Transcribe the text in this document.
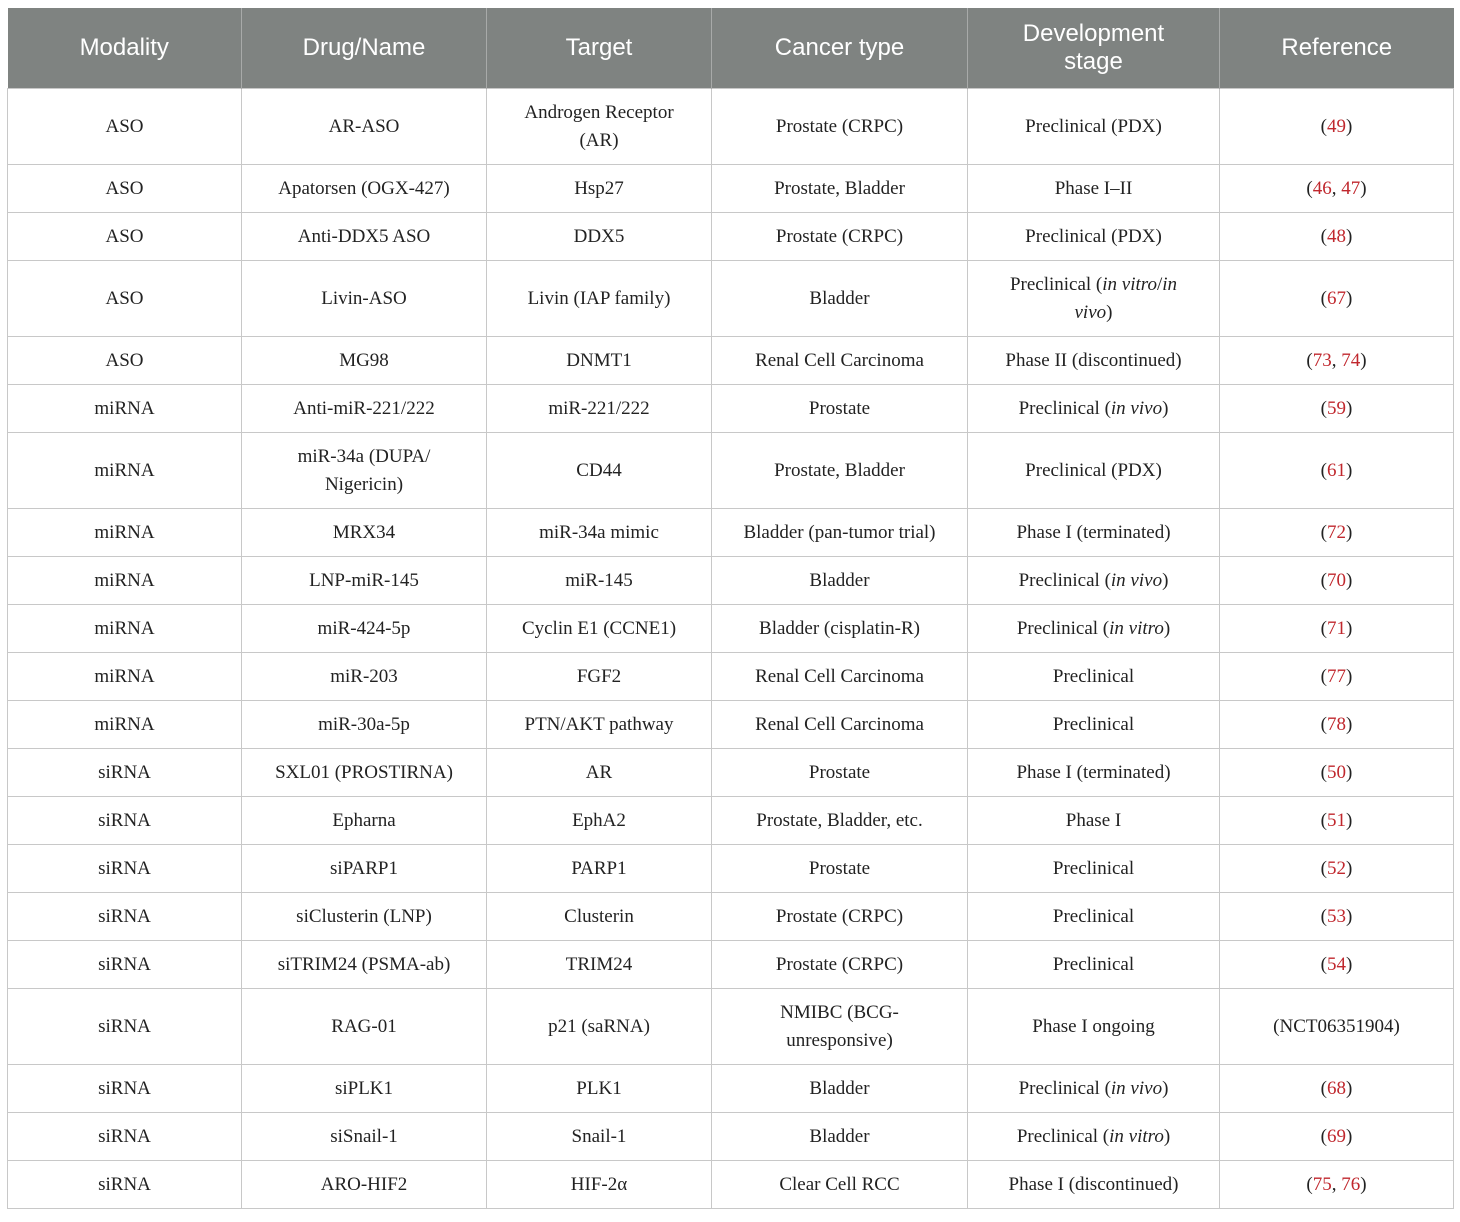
Modality	Drug/Name	Target	Cancer type	Development stage	Reference
ASO	AR-ASO	Androgen Receptor (AR)	Prostate (CRPC)	Preclinical (PDX)	(49)
ASO	Apatorsen (OGX-427)	Hsp27	Prostate, Bladder	Phase I–II	(46, 47)
ASO	Anti-DDX5 ASO	DDX5	Prostate (CRPC)	Preclinical (PDX)	(48)
ASO	Livin-ASO	Livin (IAP family)	Bladder	Preclinical (in vitro/in vivo)	(67)
ASO	MG98	DNMT1	Renal Cell Carcinoma	Phase II (discontinued)	(73, 74)
miRNA	Anti-miR-221/222	miR-221/222	Prostate	Preclinical (in vivo)	(59)
miRNA	miR-34a (DUPA/ Nigericin)	CD44	Prostate, Bladder	Preclinical (PDX)	(61)
miRNA	MRX34	miR-34a mimic	Bladder (pan-tumor trial)	Phase I (terminated)	(72)
miRNA	LNP-miR-145	miR-145	Bladder	Preclinical (in vivo)	(70)
miRNA	miR-424-5p	Cyclin E1 (CCNE1)	Bladder (cisplatin-R)	Preclinical (in vitro)	(71)
miRNA	miR-203	FGF2	Renal Cell Carcinoma	Preclinical	(77)
miRNA	miR-30a-5p	PTN/AKT pathway	Renal Cell Carcinoma	Preclinical	(78)
siRNA	SXL01 (PROSTIRNA)	AR	Prostate	Phase I (terminated)	(50)
siRNA	Epharna	EphA2	Prostate, Bladder, etc.	Phase I	(51)
siRNA	siPARP1	PARP1	Prostate	Preclinical	(52)
siRNA	siClusterin (LNP)	Clusterin	Prostate (CRPC)	Preclinical	(53)
siRNA	siTRIM24 (PSMA-ab)	TRIM24	Prostate (CRPC)	Preclinical	(54)
siRNA	RAG-01	p21 (saRNA)	NMIBC (BCG-unresponsive)	Phase I ongoing	(NCT06351904)
siRNA	siPLK1	PLK1	Bladder	Preclinical (in vivo)	(68)
siRNA	siSnail-1	Snail-1	Bladder	Preclinical (in vitro)	(69)
siRNA	ARO-HIF2	HIF-2α	Clear Cell RCC	Phase I (discontinued)	(75, 76)
